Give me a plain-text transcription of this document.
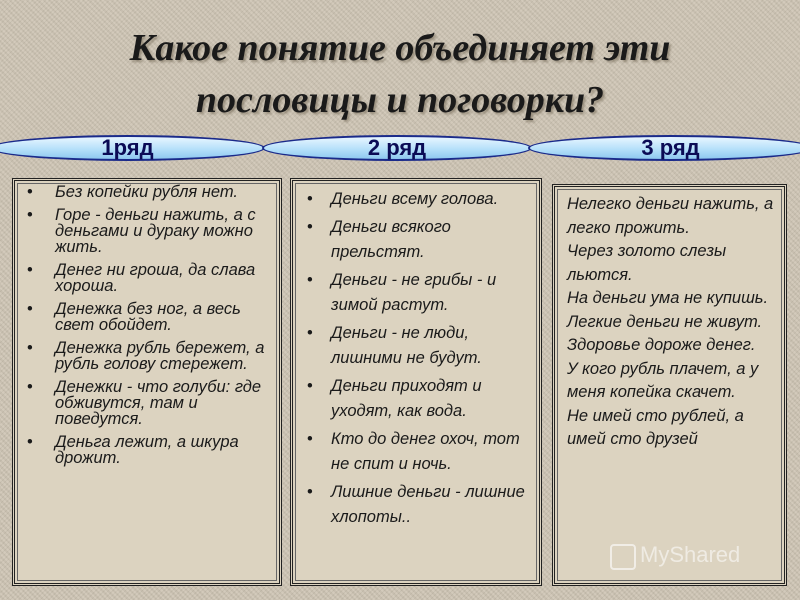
Какое понятие объединяет эти
пословицы и поговорки?
1ряд	2 ряд	3 ряд
• Без копейки рубля нет.
• Горе - деньги нажить, а с деньгами и дураку можно жить.
• Денег ни гроша, да слава хороша.
• Денежка без ног, а весь свет обойдет.
• Денежка рубль бережет, а рубль голову стережет.
• Денежки - что голуби: где обживутся, там и поведутся.
• Деньга лежит, а шкура дрожит.
• Деньги всему голова.
• Деньги всякого прельстят.
• Деньги - не грибы - и зимой растут.
• Деньги - не люди, лишними не будут.
• Деньги приходят и уходят, как вода.
• Кто до денег охоч, тот не спит и ночь.
• Лишние деньги - лишние хлопоты..
Нелегко деньги нажить, а легко прожить.
Через золото слезы льются.
На деньги ума не купишь.
Легкие деньги не живут.
Здоровье дороже денег.
У кого рубль плачет, а у меня копейка скачет.
Не имей сто рублей, а имей сто друзей
MyShared
